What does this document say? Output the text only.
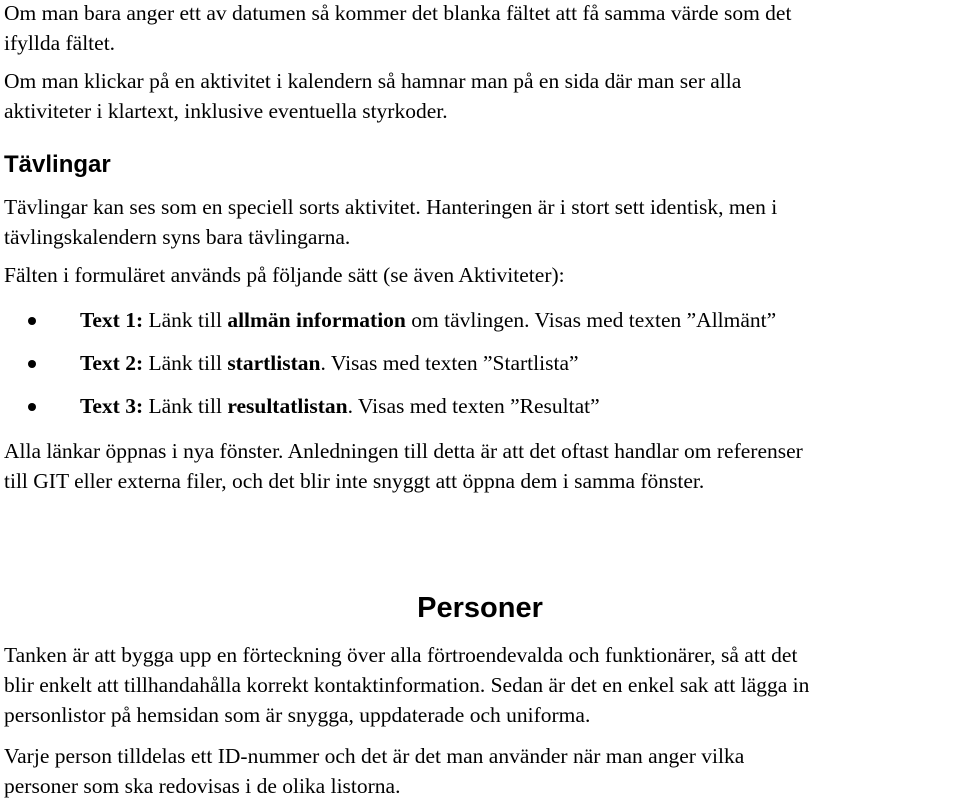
Om man bara anger ett av datumen så kommer det blanka fältet att få samma värde som det
ifyllda fältet.

Om man klickar på en aktivitet i kalendern så hamnar man på en sida där man ser alla
aktiviteter i klartext, inklusive eventuella styrkoder.

Tävlingar

Tävlingar kan ses som en speciell sorts aktivitet. Hanteringen är i stort sett identisk, men i
tävlingskalendern syns bara tävlingarna.

Fälten i formuläret används på följande sätt (se även Aktiviteter):

Text 1: Länk till allmän information om tävlingen. Visas med texten ”Allmänt”
Text 2: Länk till startlistan. Visas med texten ”Startlista”
Text 3: Länk till resultatlistan. Visas med texten ”Resultat”

Alla länkar öppnas i nya fönster. Anledningen till detta är att det oftast handlar om referenser
till GIT eller externa filer, och det blir inte snyggt att öppna dem i samma fönster.

Personer

Tanken är att bygga upp en förteckning över alla förtroendevalda och funktionärer, så att det
blir enkelt att tillhandahålla korrekt kontaktinformation. Sedan är det en enkel sak att lägga in
personlistor på hemsidan som är snygga, uppdaterade och uniforma.

Varje person tilldelas ett ID-nummer och det är det man använder när man anger vilka
personer som ska redovisas i de olika listorna.
